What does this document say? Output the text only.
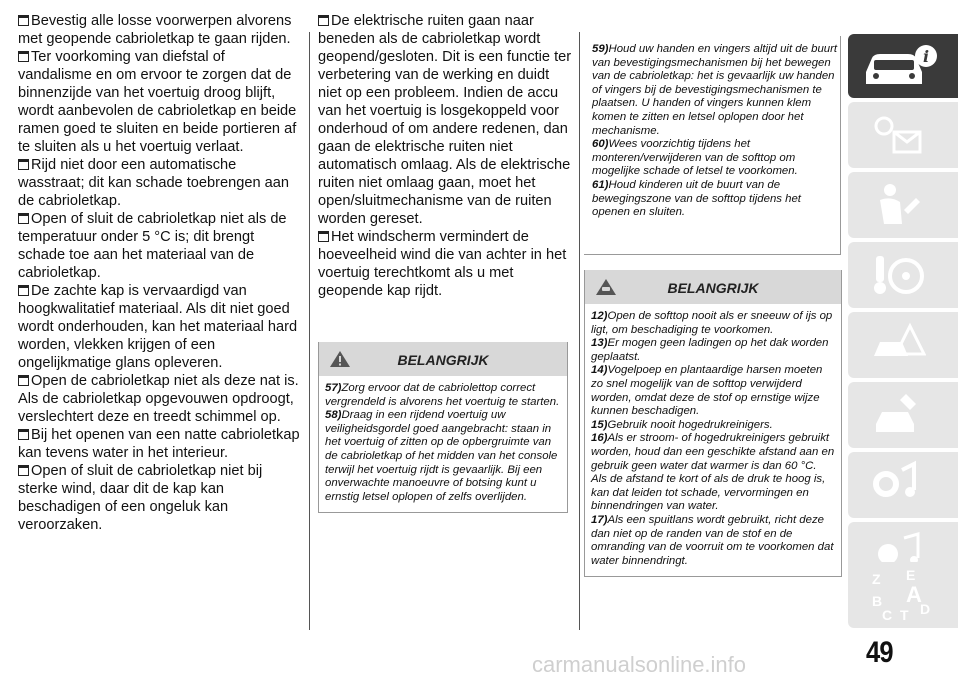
Bevestig alle losse voorwerpen alvorens met geopende cabrioletkap te gaan rijden.

Ter voorkoming van diefstal of vandalisme en om ervoor te zorgen dat de binnenzijde van het voertuig droog blijft, wordt aanbevolen de cabrioletkap en beide ramen goed te sluiten en beide portieren af te sluiten als u het voertuig verlaat.

Rijd niet door een automatische wasstraat; dit kan schade toebrengen aan de cabrioletkap.

Open of sluit de cabrioletkap niet als de temperatuur onder 5 °C is; dit brengt schade toe aan het materiaal van de cabrioletkap.

De zachte kap is vervaardigd van hoogkwalitatief materiaal. Als dit niet goed wordt onderhouden, kan het materiaal hard worden, vlekken krijgen of een ongelijkmatige glans opleveren.

Open de cabrioletkap niet als deze nat is. Als de cabrioletkap opgevouwen opdroogt, verslechtert deze en treedt schimmel op.

Bij het openen van een natte cabrioletkap kan tevens water in het interieur.

Open of sluit de cabrioletkap niet bij sterke wind, daar dit de kap kan beschadigen of een ongeluk kan veroorzaken.

De elektrische ruiten gaan naar beneden als de cabrioletkap wordt geopend/gesloten. Dit is een functie ter verbetering van de werking en duidt niet op een probleem. Indien de accu van het voertuig is losgekoppeld voor onderhoud of om andere redenen, dan gaan de elektrische ruiten niet automatisch omlaag. Als de elektrische ruiten niet omlaag gaan, moet het open/sluitmechanisme van de ruiten worden gereset.

Het windscherm vermindert de hoeveelheid wind die van achter in het voertuig terechtkomt als u met geopende kap rijdt.

BELANGRIJK

57)Zorg ervoor dat de cabriolettop correct vergrendeld is alvorens het voertuig te starten.

58)Draag in een rijdend voertuig uw veiligheidsgordel goed aangebracht: staan in het voertuig of zitten op de opbergruimte van de cabrioletkap of het midden van het console terwijl het voertuig rijdt is gevaarlijk. Bij een onverwachte manoeuvre of botsing kunt u ernstig letsel oplopen of zelfs overlijden.

59)Houd uw handen en vingers altijd uit de buurt van bevestigingsmechanismen bij het bewegen van de cabrioletkap: het is gevaarlijk uw handen of vingers bij de bevestigingsmechanismen te plaatsen. U handen of vingers kunnen klem komen te zitten en letsel oplopen door het mechanisme.

60)Wees voorzichtig tijdens het monteren/verwijderen van de softtop om mogelijke schade of letsel te voorkomen.

61)Houd kinderen uit de buurt van de bewegingszone van de softtop tijdens het openen en sluiten.

BELANGRIJK

12)Open de softtop nooit als er sneeuw of ijs op ligt, om beschadiging te voorkomen.

13)Er mogen geen ladingen op het dak worden geplaatst.

14)Vogelpoep en plantaardige harsen moeten zo snel mogelijk van de softtop verwijderd worden, omdat deze de stof op ernstige wijze kunnen beschadigen.

15)Gebruik nooit hogedrukreinigers.

16)Als er stroom- of hogedrukreinigers gebruikt worden, houd dan een geschikte afstand aan en gebruik geen water dat warmer is dan 60 °C. Als de afstand te kort of als de druk te hoog is, kan dat leiden tot schade, vervormingen en binnendringen van water.

17)Als een spuitlans wordt gebruikt, richt deze dan niet op de randen van de stof en de omranding van de voorruit om te voorkomen dat water binnendringt.

i
Z E
B A
C T D
49
carmanualsonline.info
